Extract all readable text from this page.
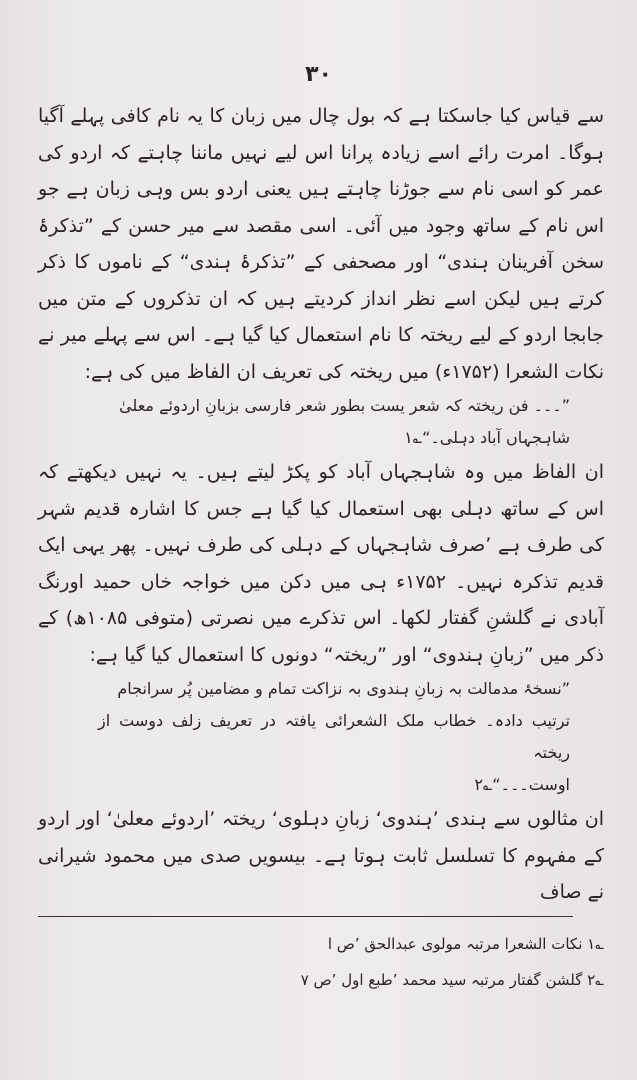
۳۰

سے قیاس کیا جاسکتا ہے کہ بول چال میں زبان کا یہ نام کافی پہلے آگیا ہوگا۔ امرت رائے اسے زیادہ پرانا اس لیے نہیں ماننا چاہتے کہ اردو کی عمر کو اسی نام سے جوڑنا چاہتے ہیں یعنی اردو بس وہی زبان ہے جو اس نام کے ساتھ وجود میں آئی۔ اسی مقصد سے میر حسن کے ”تذکرۂ سخن آفرینان ہندی“ اور مصحفی کے ”تذکرۂ ہندی“ کے ناموں کا ذکر کرتے ہیں لیکن اسے نظر انداز کردیتے ہیں کہ ان تذکروں کے متن میں جابجا اردو کے لیے ریختہ کا نام استعمال کیا گیا ہے۔ اس سے پہلے میر نے نکات الشعرا (۱۷۵۲ء) میں ریختہ کی تعریف ان الفاظ میں کی ہے:

”۔۔۔ فن ریختہ کہ شعر یست بطور شعر فارسی بزبانِ اردوئے معلیٰ

شاہجہاں آباد دہلی۔“؎۱

ان الفاظ میں وہ شاہجہاں آباد کو پکڑ لیتے ہیں۔ یہ نہیں دیکھتے کہ اس کے ساتھ دہلی بھی استعمال کیا گیا ہے جس کا اشارہ قدیم شہر کی طرف ہے ’صرف شاہجہاں کے دہلی کی طرف نہیں۔ پھر یہی ایک قدیم تذکرہ نہیں۔ ۱۷۵۲ء ہی میں دکن میں خواجہ خاں حمید اورنگ آبادی نے گلشنِ گفتار لکھا۔ اس تذکرے میں نصرتی (متوفی ۱۰۸۵ھ) کے ذکر میں ”زبانِ ہندوی“ اور ”ریختہ“ دونوں کا استعمال کیا گیا ہے:

”نسخۂ مدمالت بہ زبانِ ہندوی بہ نزاکت تمام و مضامین پُر سرانجام

ترتیب دادہ۔ خطاب ملک الشعرائی یافتہ در تعریف زلف دوست از ریختہ

اوست۔۔۔“؎۲

ان مثالوں سے ہندی ’ہندوی‘ زبانِ دہلوی‘ ریختہ ’اردوئے معلیٰ‘ اور اردو کے مفہوم کا تسلسل ثابت ہوتا ہے۔ بیسویں صدی میں محمود شیرانی نے صاف

؎۱ نکات الشعرا مرتبہ مولوی عبدالحق ’ص ا

؎۲ گلشن گفتار مرتبہ سید محمد ’طبع اول ’ص ۷
